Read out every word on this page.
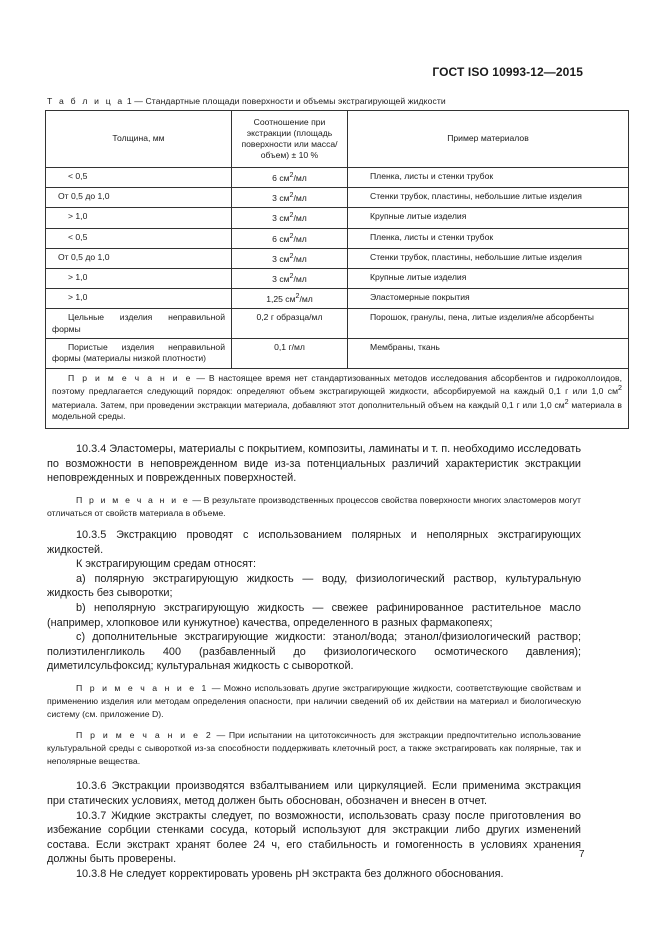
ГОСТ ISO 10993-12—2015
Т а б л и ц а 1 — Стандартные площади поверхности и объемы экстрагирующей жидкости
Толщина, мм	Соотношение при экстракции (площадь поверхности или масса/объем) ± 10 %	Пример материалов
< 0,5	6 $см^2/мл$	Пленка, листы и стенки трубок
От 0,5 до 1,0	3 $см^2/мл$	Стенки трубок, пластины, небольшие литые изделия
> 1,0	3 $см^2/мл$	Крупные литые изделия
< 0,5	6 $см^2/мл$	Пленка, листы и стенки трубок
От 0,5 до 1,0	3 $см^2/мл$	Стенки трубок, пластины, небольшие литые изделия
> 1,0	3 $см^2/мл$	Крупные литые изделия
> 1,0	1,25 $см^2/мл$	Эластомерные покрытия
Цельные изделия неправильной формы	0,2 г образца/мл	Порошок, гранулы, пена, литые изделия/не абсорбенты
Пористые изделия неправильной формы (материалы низкой плотности)	0,1 г/мл	Мембраны, ткань
П р и м е ч а н и е — В настоящее время нет стандартизованных методов исследования абсорбентов и гидроколлоидов, поэтому предлагается следующий порядок: определяют объем экстрагирующей жидкости, абсорбируемой на каждый 0,1 г или 1,0 $см^2$ материала. Затем, при проведении экстракции материала, добавляют этот дополнительный объем на каждый 0,1 г или 1,0 $см^2$ материала в модельной среды.		

10.3.4 Эластомеры, материалы с покрытием, композиты, ламинаты и т. п. необходимо исследовать по возможности в неповрежденном виде из-за потенциальных различий характеристик экстракции неповрежденных и поврежденных поверхностей.

П р и м е ч а н и е — В результате производственных процессов свойства поверхности многих эластомеров могут отличаться от свойств материала в объеме.

10.3.5 Экстракцию проводят с использованием полярных и неполярных экстрагирующих жидкостей.

К экстрагирующим средам относят:

а) полярную экстрагирующую жидкость — воду, физиологический раствор, культуральную жидкость без сыворотки;

b) неполярную экстрагирующую жидкость — свежее рафинированное растительное масло (например, хлопковое или кунжутное) качества, определенного в разных фармакопеях;

с) дополнительные экстрагирующие жидкости: этанол/вода; этанол/физиологический раствор; полиэтиленгликоль 400 (разбавленный до физиологического осмотического давления); диметилсульфоксид; культуральная жидкость с сывороткой.

П р и м е ч а н и е 1 — Можно использовать другие экстрагирующие жидкости, соответствующие свойствам и применению изделия или методам определения опасности, при наличии сведений об их действии на материал и биологическую систему (см. приложение D).

П р и м е ч а н и е 2 — При испытании на цитотоксичность для экстракции предпочтительно использование культуральной среды с сывороткой из-за способности поддерживать клеточный рост, а также экстрагировать как полярные, так и неполярные вещества.

10.3.6 Экстракции производятся взбалтыванием или циркуляцией. Если применима экстракция при статических условиях, метод должен быть обоснован, обозначен и внесен в отчет.

10.3.7 Жидкие экстракты следует, по возможности, использовать сразу после приготовления во избежание сорбции стенками сосуда, который используют для экстракции либо других изменений состава. Если экстракт хранят более 24 ч, его стабильность и гомогенность в условиях хранения должны быть проверены.

10.3.8 Не следует корректировать уровень pH экстракта без должного обоснования.

7
